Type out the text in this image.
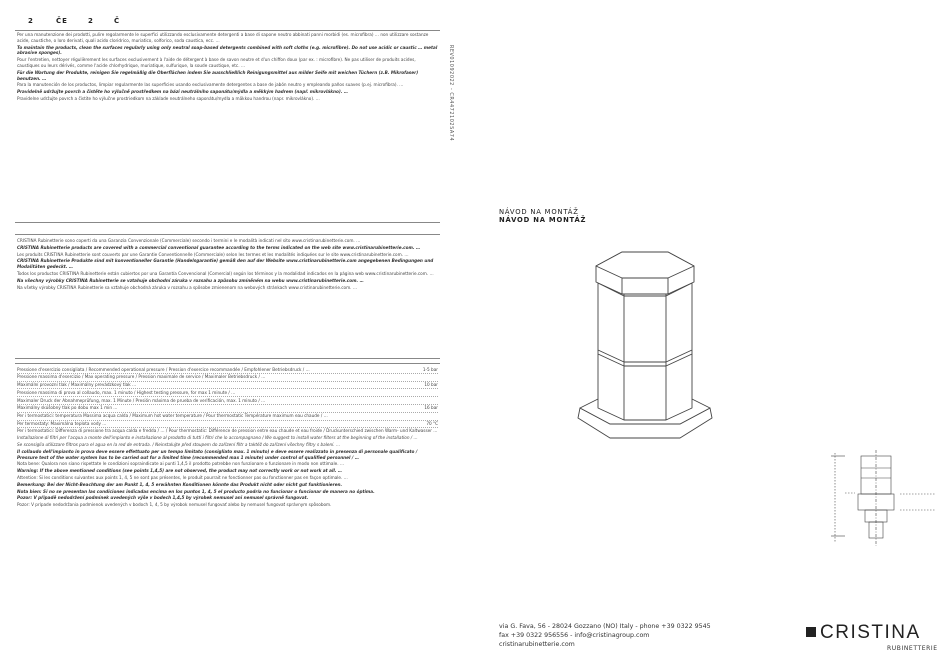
2	ČE	2	Č

Per una manutenzione dei prodotti, pulire regolarmente le superfici utilizzando esclusivamente detergenti a base di sapone neutro abbinati panni morbidi (es. microfibra) … non utilizzare sostanze acide, caustiche, o loro derivati, quali acido cloridrico, muriatico, solforico, soda caustica, ecc. …

To maintain the products, clean the surfaces regularly using only neutral soap-based detergents combined with soft cloths (e.g. microfibre). Do not use acidic or caustic … metal abrasive sponges).

Pour l'entretien, nettoyer régulièrement les surfaces exclusivement à l'aide de détergent à base de savon neutre et d'un chiffon doux (par ex. : microfibre). Ne pas utiliser de produits acides, caustiques ou leurs dérivés, comme l'acide chlorhydrique, muriatique, sulfurique, la soude caustique, etc. …

Für die Wartung der Produkte, reinigen Sie regelmäßig die Oberflächen indem Sie ausschließlich Reinigungsmittel aus milder Seife mit weichen Tüchern (z.B. Mikrofaser) benutzen. …

Para la manutención de los productos, limpiar regularmente las superficies usando exclusivamente detergentes a base de jabón neutro y empleando paños suaves (p.ej. microfibra). …

Pravidelně udržujte povrch a čistěte ho výlučně prostředkem na bázi neutrálního saponátu/mýdla a měkkým hadrem (např. mikrovlákno). …

Pravidelne udržujte povrch a čistite ho výlučne prostriedkom na základe neutrálneho saponátu/mydla a mäkkou handrou (napr. mikrovlákno). …

CRISTINA Rubinetterie sono coperti da una Garanzia Convenzionale (Commerciale) secondo i termini e le modalità indicati nel sito www.cristinarubinetterie.com. …

CRISTINA Rubinetterie products are covered with a commercial conventional guarantee according to the terms indicated on the web site www.cristinarubinetterie.com. …

Les produits CRISTINA Rubinetterie sont couverts par une Garantie Conventionnelle (Commerciale) selon les termes et les modalités indiquées sur le site www.cristinarubinetterie.com. …

CRISTINA Rubinetterie Produkte sind mit konventioneller Garantie (Handelsgarantie) gemäß den auf der Website www.cristinarubinetterie.com angegebenen Bedingungen und Modalitäten gedeckt. …

Todos los productos CRISTINA Rubinetterie están cubiertos por una Garantía Convencional (Comercial) según los términos y la modalidad indicados en la página web www.cristinarubinetterie.com. …

Na všechny výrobky CRISTINA Rubinetterie se vztahuje obchodní záruka v rozsahu a způsobu zmíněném na webu www.cristinarubinetterie.com. …

Na všetky výrobky CRISTINA Rubinetterie sa vzťahuje obchodná záruka v rozsahu a spôsobe zmienenom na webových stránkach www.cristinarubinetterie.com. …

Pressione d'esercizio consigliata / Recommended operational pressure / Pression d'exercice recommandée / Empfohlener Betriebsdruck / …	1-5 bar
Pressione massima d'esercizio / Max operating pressure / Pression maximale de service / Maximaler Betriebsdruck / …
Maximální provozní tlak / Maximálny prevádzkový tlak …	10 bar
Pressione massima di prova al collaudo, max. 1 minuto / Highest testing pressure, for max 1 minute / …
Maximaler Druck der Abnahmeprüfung, max. 1 Minute / Presión máxima de prueba de verificación, max. 1 minuto / …
Maximálny skúšobný tlak po dobu max 1 min …	16 bar
Per i termostatici: temperatura Massima acqua calda / Maximum hot water temperature / Pour thermostatic Température maximum eau chaude / …
Per termostaty: Maximálna teplota vody …	70 °C

Per i termostatici: Differenza di pressione tra acqua calda e fredda / … / Pour thermostatic: Différence de pression entre eau chaude et eau froide / Druckunterschied zwischen Warm- und Kaltwasser …

Installazione di filtri per l'acqua a monte dell'impianto e installazione al prodotto di tutti i filtri che lo accompagnano / We suggest to install water filters at the beginning of the installation / …

Se sconsiglia utilizzare filtros para el agua en la red de entrada. / Neinstalujte před stoupem do zařízení filtr a taktéž do zařízení všechny filtry s balení. …

Il collaudo dell'impianto in prova deve essere effettuato per un tempo limitato (consigliato max. 1 minuto) e deve essere realizzato in presenza di personale qualificato / Pressure test of the water system has to be carried out for a limited time (recommended max 1 minute) under control of qualified personnel / …

Nota bene: Qualora non siano rispettate le condizioni sopraindicate ai punti 1,4,5 il prodotto potrebbe non funzionare o funzionare in modo non ottimale. …

Warning: If the above mentioned conditions (see points 1,4,5) are not observed, the product may not correctly work or not work at all. …

Attention: Si les conditions suivantes aux points 1, 4, 5 ne sont pas présentes, le produit pourrait ne fonctionner pas ou fonctionner pas en façon optimale. …

Bemerkung: Bei der Nicht-Beachtung der am Punkt 1, 4, 5 erwähnten Konditionen könnte das Produkt nicht oder nicht gut funktionieren.

Nota bien: Si no se presentan las condiciones indicadas encima en los puntos 1, 4, 5 el producto podría no funcionar o funcionar de manera no óptima.

Pozor: V případě nedodržení podmínek uvedených výše v bodech 1,4,5 by výrobek nemusel ani nemusel správně fungovat.

Pozor: V prípade nedodržania podmienok uvedených v bodoch 1, 4, 5 by výrobok nemusel fungovať alebo by nemusel fungovať správnym spôsobom.

REV01092022 - CR4472102SA74
NÁVOD NA MONTÁŽ
NÁVOD NA MONTÁŽ
via G. Fava, 56 - 28024 Gozzano (NO) Italy - phone +39 0322 9545
fax +39 0322 956556 - info@cristinagroup.com
cristinarubinetterie.com
CRISTINA
RUBINETTERIE
